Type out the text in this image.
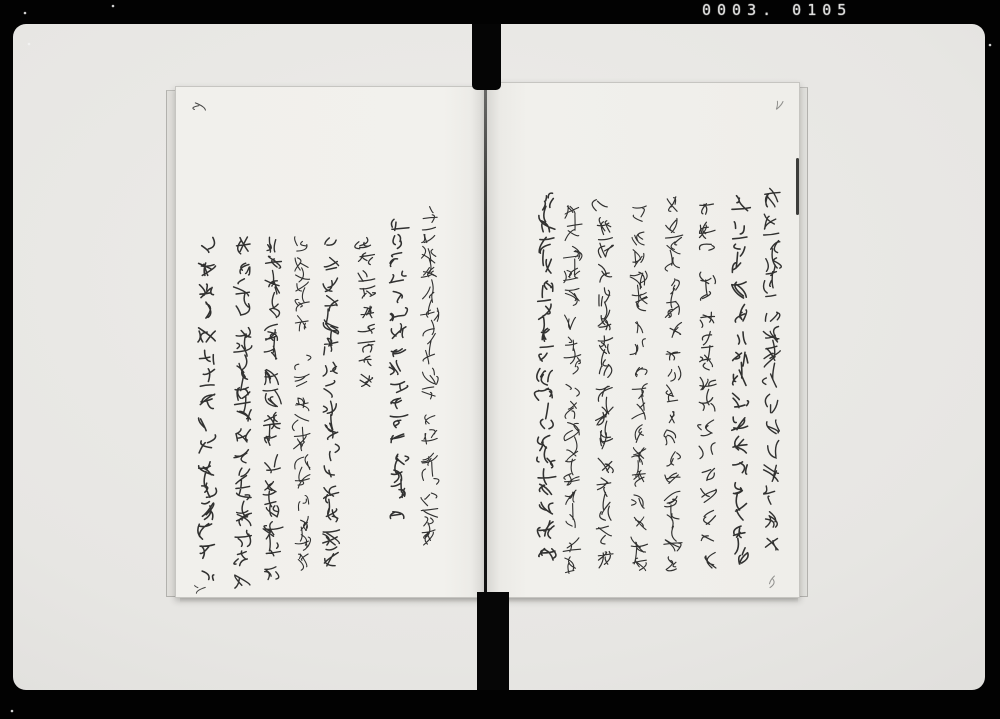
0003. 0105
